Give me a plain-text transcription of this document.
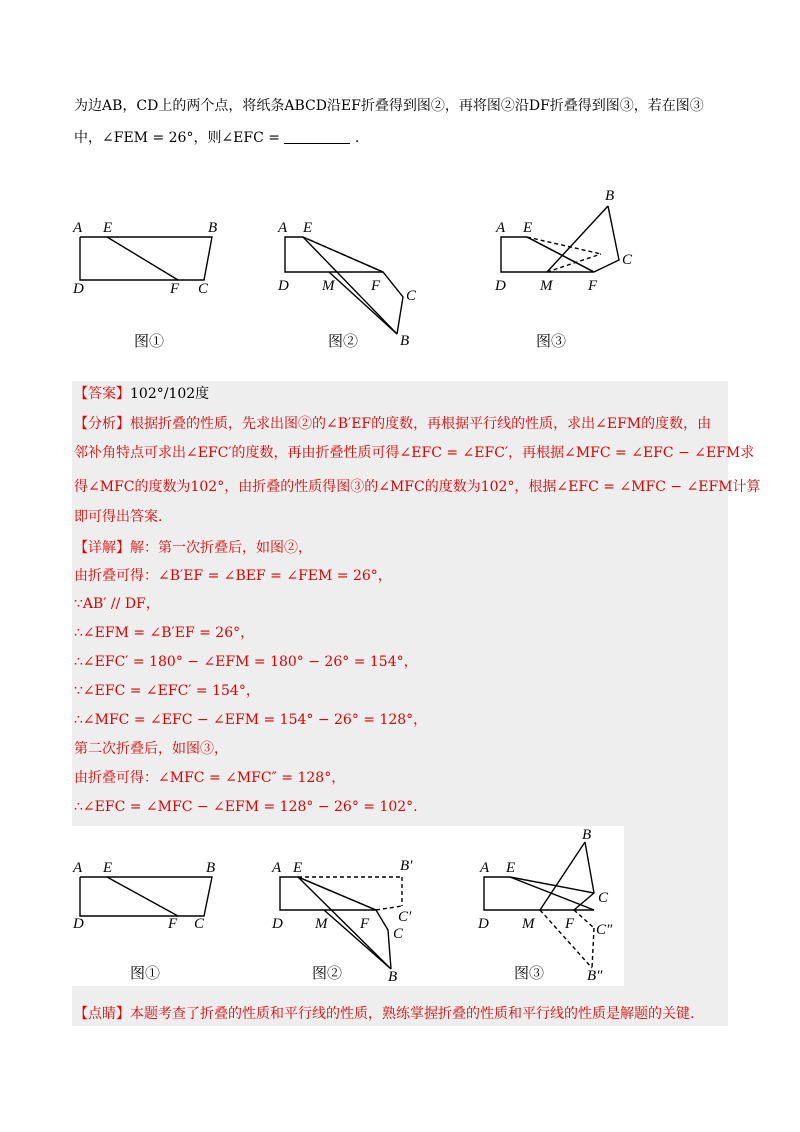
为边AB，CD上的两个点，将纸条ABCD沿EF折叠得到图②，再将图②沿DF折叠得到图③，若在图③
中，∠FEM = 26°，则∠EFC =	.
A E	B
D	F C
图①
A E
D M F
C
B
图②
A E
B
D M F
C
图③
【答案】102°/102度
【分析】根据折叠的性质，先求出图②的∠B′EF的度数，再根据平行线的性质，求出∠EFM的度数，由
邻补角特点可求出∠EFC′的度数，再由折叠性质可得∠EFC = ∠EFC′，再根据∠MFC = ∠EFC − ∠EFM求
得∠MFC的度数为102°，由折叠的性质得图③的∠MFC的度数为102°，根据∠EFC = ∠MFC − ∠EFM计算
即可得出答案.
【详解】解：第一次折叠后，如图②，
由折叠可得：∠B′EF = ∠BEF = ∠FEM = 26°，
∵AB′ // DF，
∴∠EFM = ∠B′EF = 26°，
∴∠EFC′ = 180° − ∠EFM = 180° − 26° = 154°，
∵∠EFC = ∠EFC′ = 154°，
∴∠MFC = ∠EFC − ∠EFM = 154° − 26° = 128°，
第二次折叠后，如图③，
由折叠可得：∠MFC = ∠MFC″ = 128°，
∴∠EFC = ∠MFC − ∠EFM = 128° − 26° = 102°.
A E	B
D	F C
图①
A E	B′
C′
D M F
C
B
图②
A E
B
D M F
C
C″
B″
图③
【点睛】本题考查了折叠的性质和平行线的性质，熟练掌握折叠的性质和平行线的性质是解题的关键.
